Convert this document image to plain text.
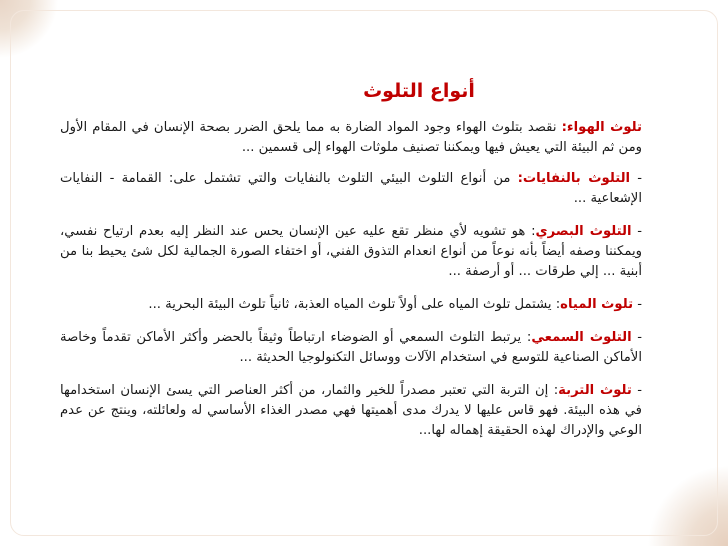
أنواع التلوث

تلوث الهواء: نقصد بتلوث الهواء وجود المواد الضارة به مما يلحق الضرر بصحة الإنسان في المقام الأول ومن ثم البيئة التي يعيش فيها ويمكننا تصنيف ملوثات الهواء إلى قسمين ...

- التلوث بالنفايات: من أنواع التلوث البيئي التلوث بالنفايات والتي تشتمل على: القمامة - النفايات الإشعاعية ...

- التلوث البصري: هو تشويه لأي منظر تقع عليه عين الإنسان يحس عند النظر إليه بعدم ارتياح نفسي، ويمكننا وصفه أيضاً بأنه نوعاً من أنواع انعدام التذوق الفني، أو اختفاء الصورة الجمالية لكل شئ يحيط بنا من أبنية ... إلي طرقات ... أو أرصفة ...

- تلوث المياه: يشتمل تلوث المياه على أولاً تلوث المياه العذبة، ثانياً تلوث البيئة البحرية ...

- التلوث السمعي: يرتبط التلوث السمعي أو الضوضاء ارتباطاً وثيقاً بالحضر وأكثر الأماكن تقدماً وخاصة الأماكن الصناعية للتوسع في استخدام الآلات ووسائل التكنولوجيا الحديثة ...

- تلوث التربة: إن التربة التي تعتبر مصدراً للخير والثمار، من أكثر العناصر التي يسئ الإنسان استخدامها في هذه البيئة. فهو قاس عليها لا يدرك مدى أهميتها فهي مصدر الغذاء الأساسي له ولعائلته، وينتج عن عدم الوعي والإدراك لهذه الحقيقة إهماله لها...
